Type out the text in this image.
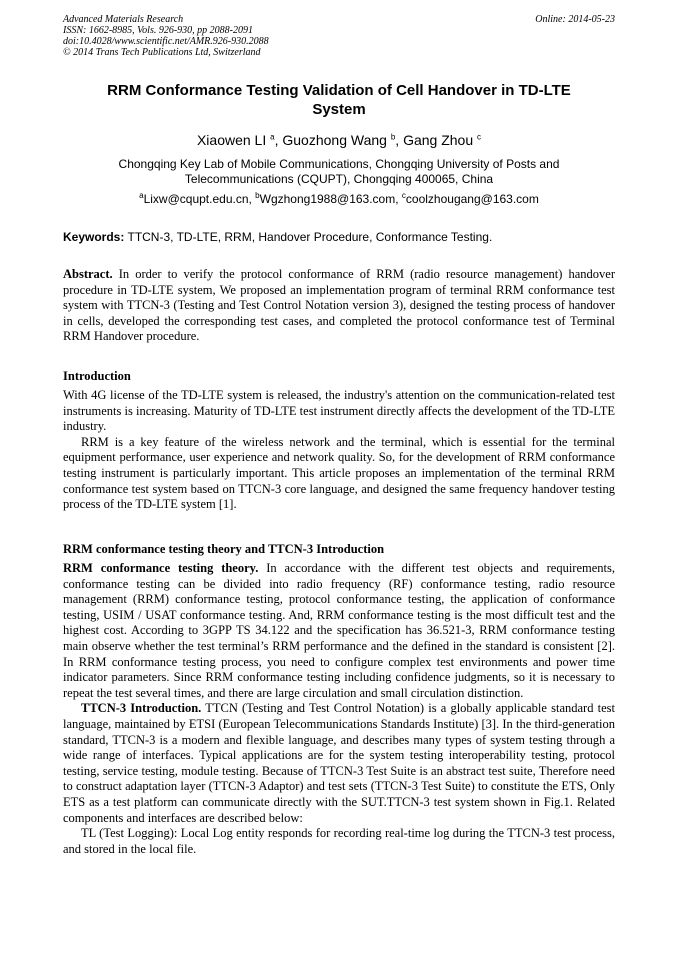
Advanced Materials Research
ISSN: 1662-8985, Vols. 926-930, pp 2088-2091
doi:10.4028/www.scientific.net/AMR.926-930.2088
© 2014 Trans Tech Publications Ltd, Switzerland
Online: 2014-05-23
RRM Conformance Testing Validation of Cell Handover in TD-LTE
System
Xiaowen LI $^a$, Guozhong Wang $^b$, Gang Zhou $^c$
Chongqing Key Lab of Mobile Communications, Chongqing University of Posts and
Telecommunications (CQUPT), Chongqing 400065, China
$^a$Lixw@cqupt.edu.cn, $^b$Wgzhong1988@163.com, $^c$coolzhougang@163.com
Keywords: TTCN-3, TD-LTE, RRM, Handover Procedure, Conformance Testing.

Abstract. In order to verify the protocol conformance of RRM (radio resource management) handover procedure in TD-LTE system, We proposed an implementation program of terminal RRM conformance test system with TTCN-3 (Testing and Test Control Notation version 3), designed the testing process of handover in cells, developed the corresponding test cases, and completed the protocol conformance test of Terminal RRM Handover procedure.

Introduction

With 4G license of the TD-LTE system is released, the industry's attention on the communication-related test instruments is increasing. Maturity of TD-LTE test instrument directly affects the development of the TD-LTE industry.

RRM is a key feature of the wireless network and the terminal, which is essential for the terminal equipment performance, user experience and network quality. So, for the development of RRM conformance testing instrument is particularly important. This article proposes an implementation of the terminal RRM conformance test system based on TTCN-3 core language, and designed the same frequency handover testing process of the TD-LTE system [1].

RRM conformance testing theory and TTCN-3 Introduction

RRM conformance testing theory. In accordance with the different test objects and requirements, conformance testing can be divided into radio frequency (RF) conformance testing, radio resource management (RRM) conformance testing, protocol conformance testing, the application of conformance testing, USIM / USAT conformance testing. And, RRM conformance testing is the most difficult test and the highest cost. According to 3GPP TS 34.122 and the specification has 36.521-3, RRM conformance testing main observe whether the test terminal’s RRM performance and the defined in the standard is consistent [2]. In RRM conformance testing process, you need to configure complex test environments and power time indicator parameters. Since RRM conformance testing including confidence judgments, so it is necessary to repeat the test several times, and there are large circulation and small circulation distinction.

TTCN-3 Introduction. TTCN (Testing and Test Control Notation) is a globally applicable standard test language, maintained by ETSI (European Telecommunications Standards Institute) [3]. In the third-generation standard, TTCN-3 is a modern and flexible language, and describes many types of system testing through a wide range of interfaces. Typical applications are for the system testing interoperability testing, protocol testing, service testing, module testing. Because of TTCN-3 Test Suite is an abstract test suite, Therefore need to construct adaptation layer (TTCN-3 Adaptor) and test sets (TTCN-3 Test Suite) to constitute the ETS, Only ETS as a test platform can communicate directly with the SUT.TTCN-3 test system shown in Fig.1. Related components and interfaces are described below:

TL (Test Logging): Local Log entity responds for recording real-time log during the TTCN-3 test process, and stored in the local file.
